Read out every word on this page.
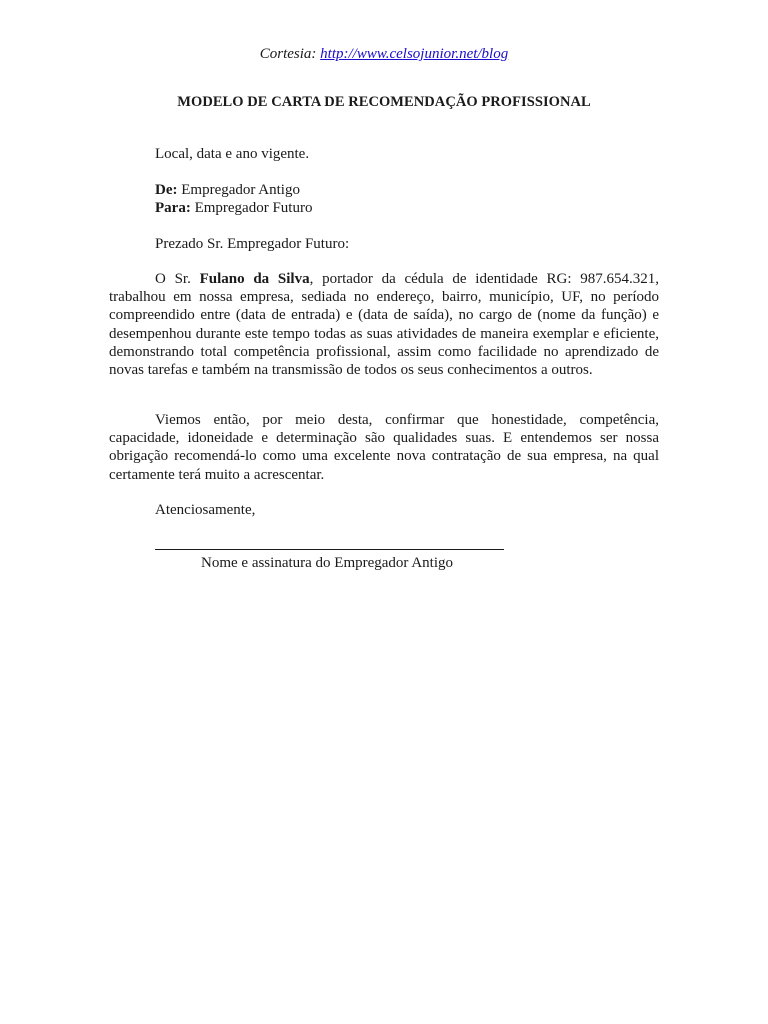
Cortesia: http://www.celsojunior.net/blog
MODELO DE CARTA DE RECOMENDAÇÃO PROFISSIONAL
Local, data e ano vigente.
De: Empregador Antigo
Para: Empregador Futuro
Prezado Sr. Empregador Futuro:
O Sr. Fulano da Silva, portador da cédula de identidade RG: 987.654.321, trabalhou em nossa empresa, sediada no endereço, bairro, município, UF, no período compreendido entre (data de entrada) e (data de saída), no cargo de (nome da função) e desempenhou durante este tempo todas as suas atividades de maneira exemplar e eficiente, demonstrando total competência profissional, assim como facilidade no aprendizado de novas tarefas e também na transmissão de todos os seus conhecimentos a outros.
Viemos então, por meio desta, confirmar que honestidade, competência, capacidade, idoneidade e determinação são qualidades suas. E entendemos ser nossa obrigação recomendá-lo como uma excelente nova contratação de sua empresa, na qual certamente terá muito a acrescentar.
Atenciosamente,
Nome e assinatura do Empregador Antigo
